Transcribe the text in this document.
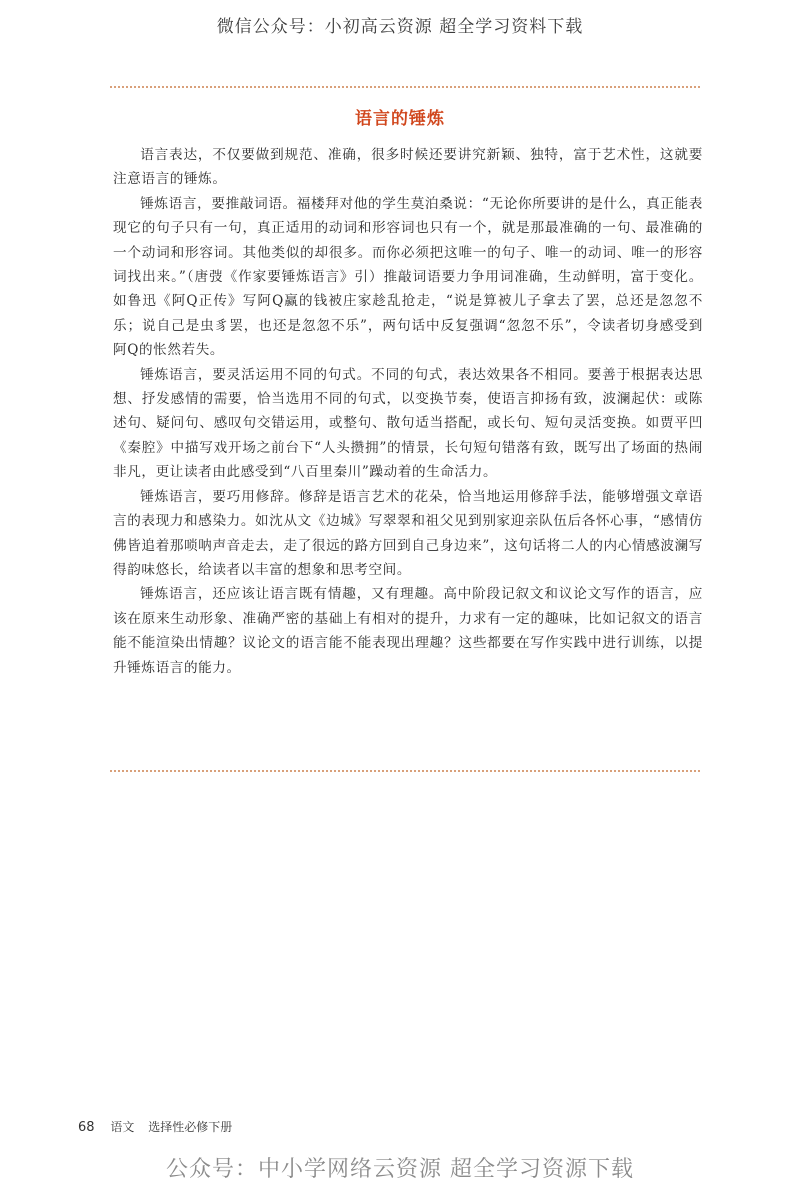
微信公众号：小初高云资源 超全学习资料下载
语言的锤炼

语言表达，不仅要做到规范、准确，很多时候还要讲究新颖、独特，富于艺术性，这就要注意语言的锤炼。

锤炼语言，要推敲词语。福楼拜对他的学生莫泊桑说：“无论你所要讲的是什么，真正能表现它的句子只有一句，真正适用的动词和形容词也只有一个，就是那最准确的一句、最准确的一个动词和形容词。其他类似的却很多。而你必须把这唯一的句子、唯一的动词、唯一的形容词找出来。”（唐弢《作家要锤炼语言》引）推敲词语要力争用词准确，生动鲜明，富于变化。如鲁迅《阿Q正传》写阿Q赢的钱被庄家趁乱抢走，“说是算被儿子拿去了罢，总还是忽忽不乐；说自己是虫豸罢，也还是忽忽不乐”，两句话中反复强调“忽忽不乐”，令读者切身感受到阿Q的怅然若失。

锤炼语言，要灵活运用不同的句式。不同的句式，表达效果各不相同。要善于根据表达思想、抒发感情的需要，恰当选用不同的句式，以变换节奏，使语言抑扬有致，波澜起伏：或陈述句、疑问句、感叹句交错运用，或整句、散句适当搭配，或长句、短句灵活变换。如贾平凹《秦腔》中描写戏开场之前台下“人头攒拥”的情景，长句短句错落有致，既写出了场面的热闹非凡，更让读者由此感受到“八百里秦川”躁动着的生命活力。

锤炼语言，要巧用修辞。修辞是语言艺术的花朵，恰当地运用修辞手法，能够增强文章语言的表现力和感染力。如沈从文《边城》写翠翠和祖父见到别家迎亲队伍后各怀心事，“感情仿佛皆追着那唢呐声音走去，走了很远的路方回到自己身边来”，这句话将二人的内心情感波澜写得韵味悠长，给读者以丰富的想象和思考空间。

锤炼语言，还应该让语言既有情趣，又有理趣。高中阶段记叙文和议论文写作的语言，应该在原来生动形象、准确严密的基础上有相对的提升，力求有一定的趣味，比如记叙文的语言能不能渲染出情趣？议论文的语言能不能表现出理趣？这些都要在写作实践中进行训练，以提升锤炼语言的能力。

68 语文 选择性必修下册
公众号：中小学网络云资源 超全学习资源下载
